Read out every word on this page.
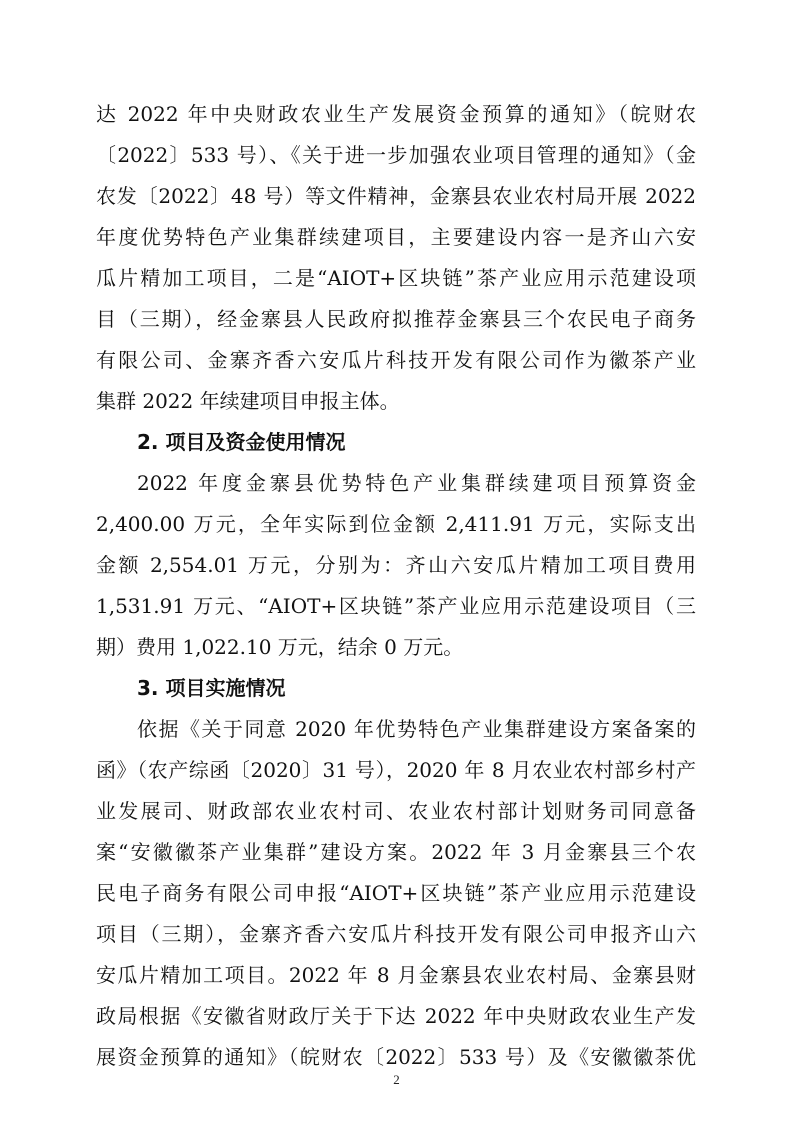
达 2022 年中央财政农业生产发展资金预算的通知》（皖财农
〔2022〕533 号）、《关于进一步加强农业项目管理的通知》（金
农发〔2022〕48 号）等文件精神，金寨县农业农村局开展 2022
年度优势特色产业集群续建项目，主要建设内容一是齐山六安
瓜片精加工项目，二是“AIOT+区块链”茶产业应用示范建设项
目（三期），经金寨县人民政府拟推荐金寨县三个农民电子商务
有限公司、金寨齐香六安瓜片科技开发有限公司作为徽茶产业
集群 2022 年续建项目申报主体。
2. 项目及资金使用情况
2022 年度金寨县优势特色产业集群续建项目预算资金
2,400.00 万元，全年实际到位金额 2,411.91 万元，实际支出
金额 2,554.01 万元，分别为：齐山六安瓜片精加工项目费用
1,531.91 万元、“AIOT+区块链”茶产业应用示范建设项目（三
期）费用 1,022.10 万元，结余 0 万元。
3. 项目实施情况
依据《关于同意 2020 年优势特色产业集群建设方案备案的
函》（农产综函〔2020〕31 号），2020 年 8 月农业农村部乡村产
业发展司、财政部农业农村司、农业农村部计划财务司同意备
案“安徽徽茶产业集群”建设方案。2022 年 3 月金寨县三个农
民电子商务有限公司申报“AIOT+区块链”茶产业应用示范建设
项目（三期），金寨齐香六安瓜片科技开发有限公司申报齐山六
安瓜片精加工项目。2022 年 8 月金寨县农业农村局、金寨县财
政局根据《安徽省财政厅关于下达 2022 年中央财政农业生产发
展资金预算的通知》（皖财农〔2022〕533 号）及《安徽徽茶优
2
